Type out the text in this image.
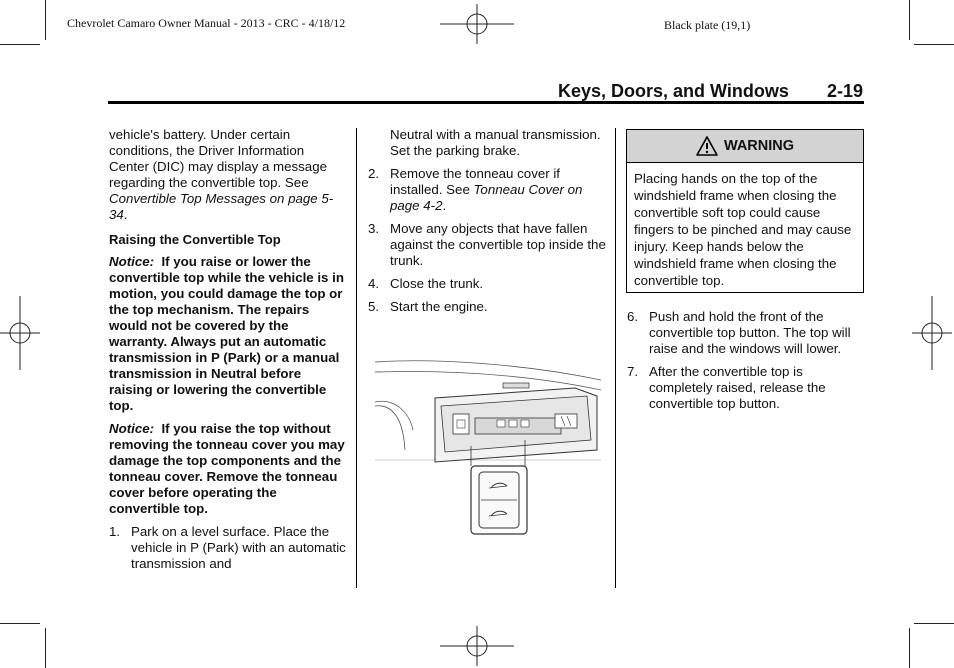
Chevrolet Camaro Owner Manual - 2013 - CRC - 4/18/12	Black plate (19,1)
Keys, Doors, and Windows 2-19

vehicle's battery. Under certain conditions, the Driver Information Center (DIC) may display a message regarding the convertible top. See Convertible Top Messages on page 5-34.

Raising the Convertible Top

Notice: If you raise or lower the convertible top while the vehicle is in motion, you could damage the top or the top mechanism. The repairs would not be covered by the warranty. Always put an automatic transmission in P (Park) or a manual transmission in Neutral before raising or lowering the convertible top.

Notice: If you raise the top without removing the tonneau cover you may damage the top components and the tonneau cover. Remove the tonneau cover before operating the convertible top.

1. Park on a level surface. Place the vehicle in P (Park) with an automatic transmission and

Neutral with a manual transmission. Set the parking brake.

2. Remove the tonneau cover if installed. See Tonneau Cover on page 4-2.

3. Move any objects that have fallen against the convertible top inside the trunk.

4. Close the trunk.

5. Start the engine.

WARNING
Placing hands on the top of the windshield frame when closing the convertible soft top could cause fingers to be pinched and may cause injury. Keep hands below the windshield frame when closing the convertible top.

6. Push and hold the front of the convertible top button. The top will raise and the windows will lower.

7. After the convertible top is completely raised, release the convertible top button.
